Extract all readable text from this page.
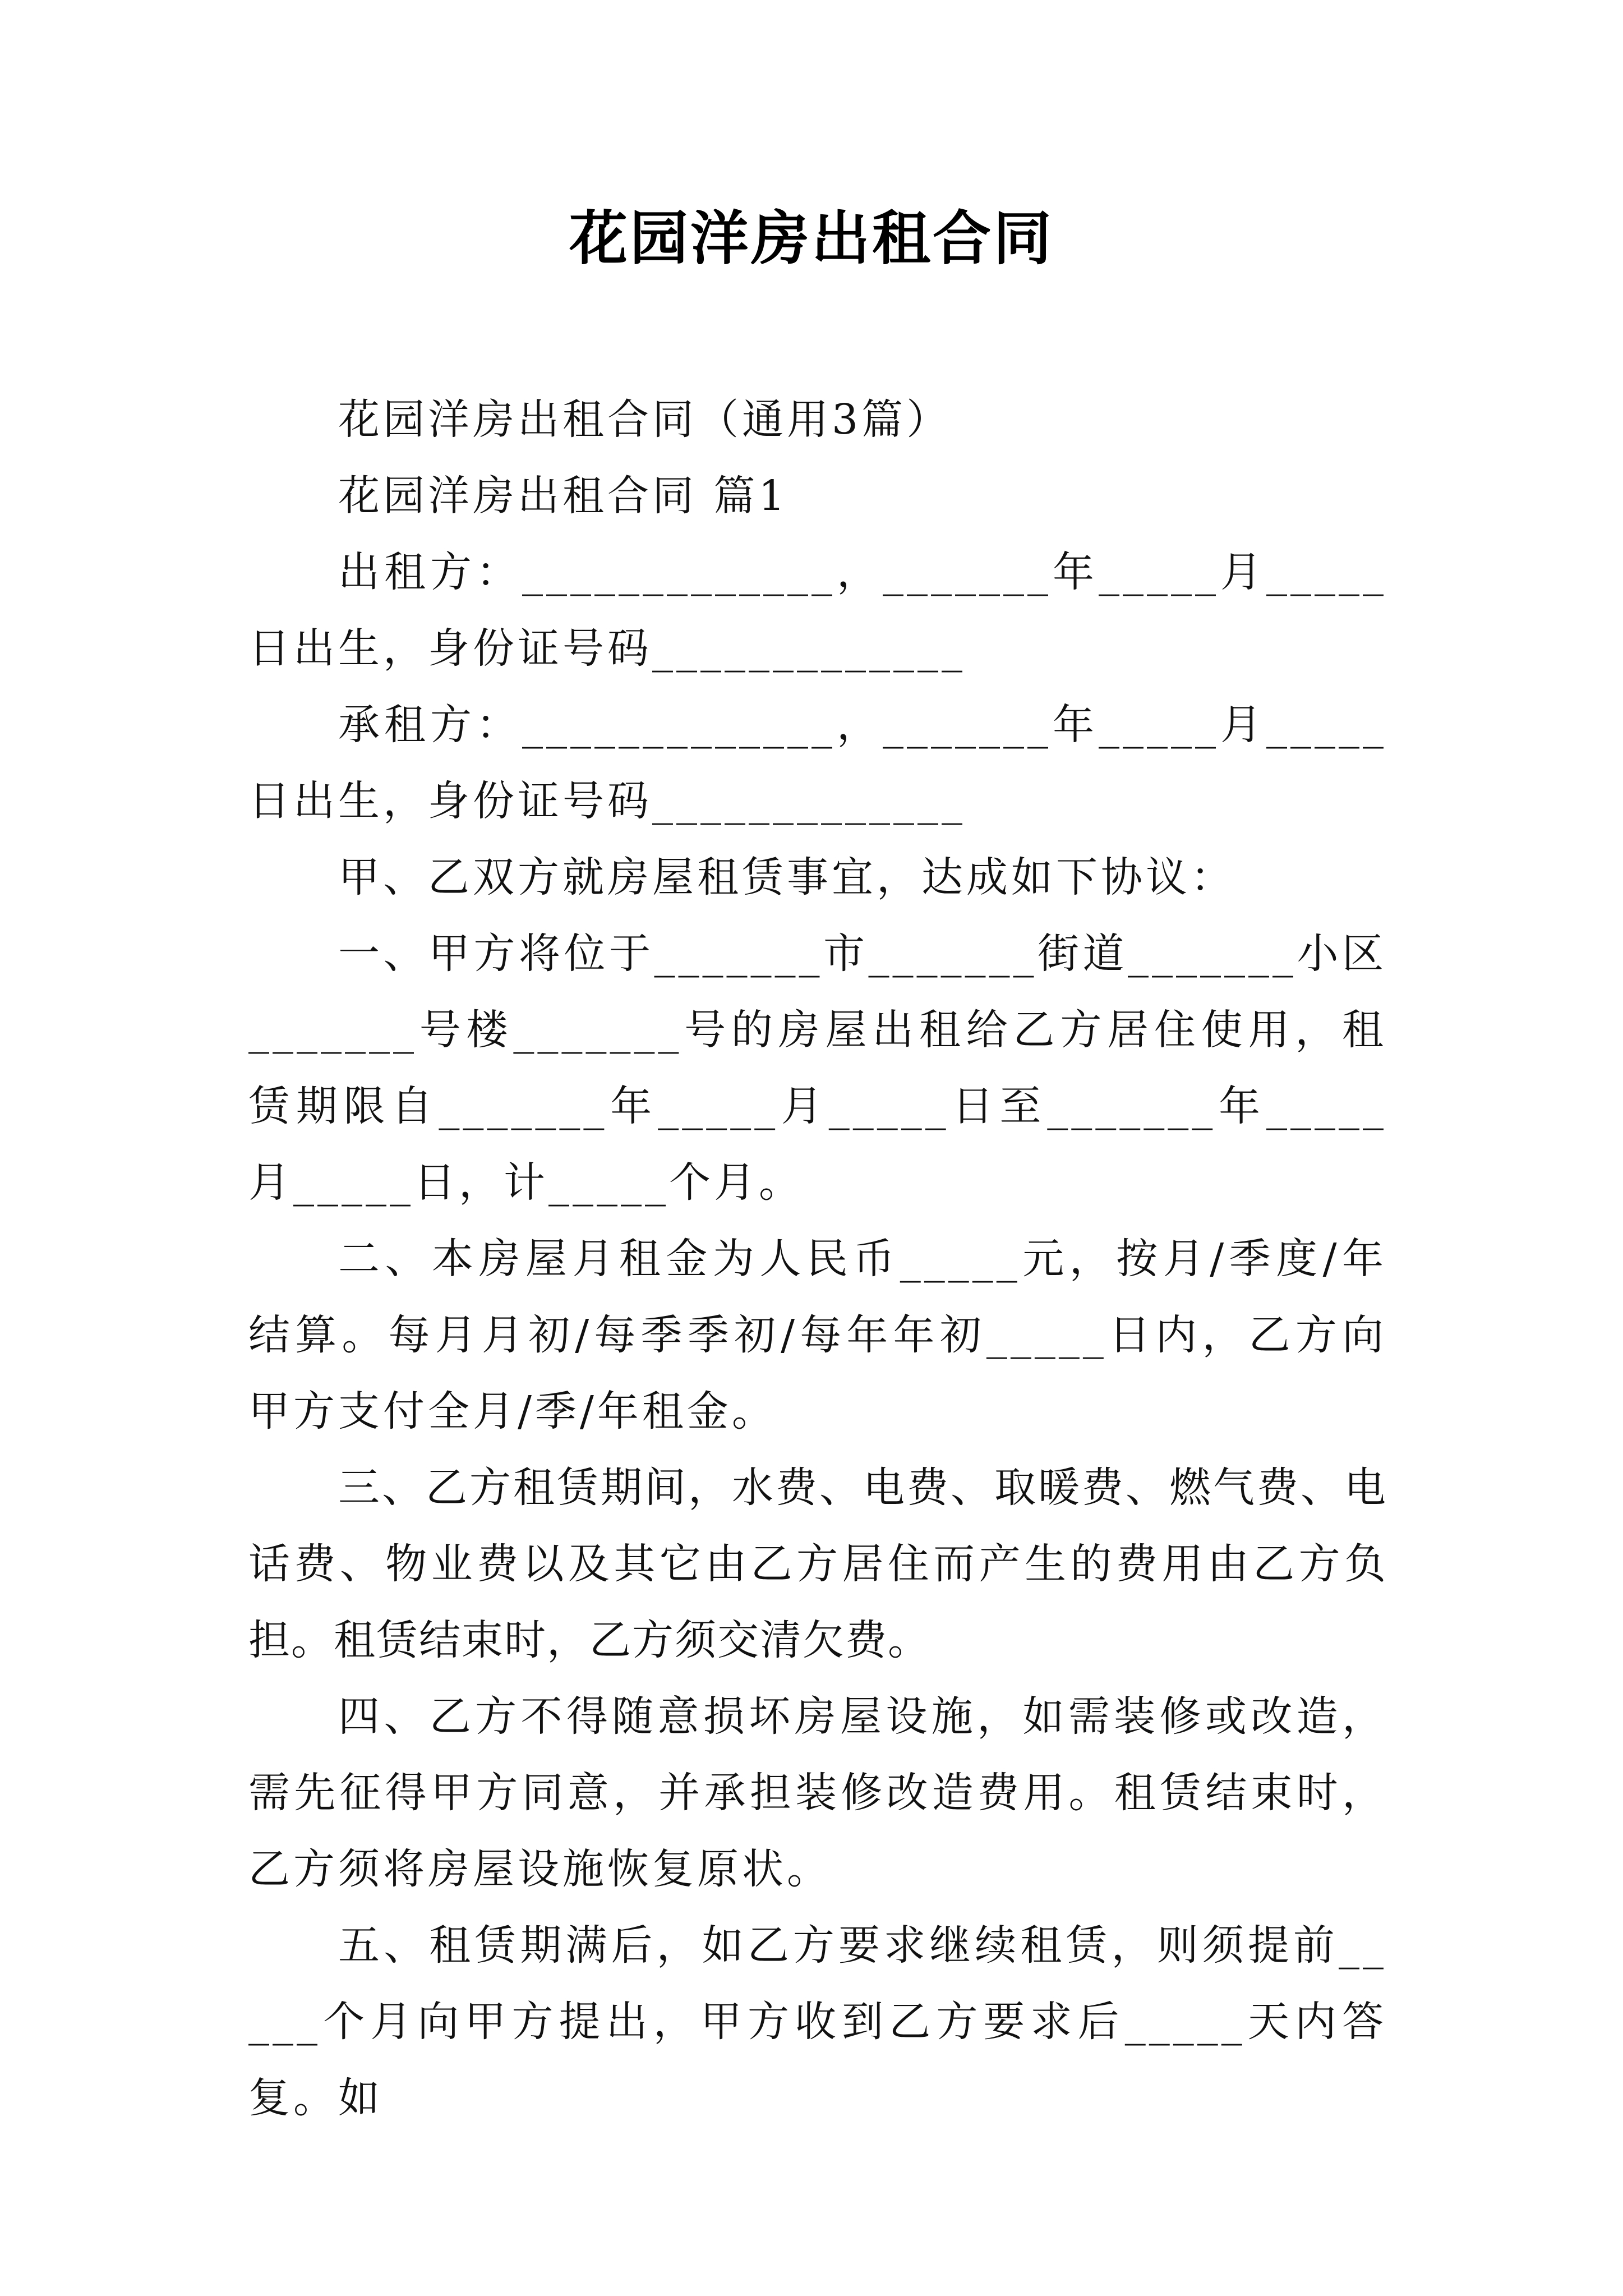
花园洋房出租合同

花园洋房出租合同（通用3篇）

花园洋房出租合同 篇1

出租方：_____________，_______年_____月_____日出生，身份证号码_____________

承租方：_____________，_______年_____月_____日出生，身份证号码_____________

甲、乙双方就房屋租赁事宜，达成如下协议：

一、甲方将位于_______市_______街道_______小区_______号楼_______号的房屋出租给乙方居住使用，租赁期限自_______年_____月_____日至_______年_____月_____日，计_____个月。

二、本房屋月租金为人民币_____元，按月/季度/年结算。每月月初/每季季初/每年年初_____日内，乙方向甲方支付全月/季/年租金。

三、乙方租赁期间，水费、电费、取暖费、燃气费、电话费、物业费以及其它由乙方居住而产生的费用由乙方负担。租赁结束时，乙方须交清欠费。

四、乙方不得随意损坏房屋设施，如需装修或改造，需先征得甲方同意，并承担装修改造费用。租赁结束时，乙方须将房屋设施恢复原状。

五、租赁期满后，如乙方要求继续租赁，则须提前_____个月向甲方提出，甲方收到乙方要求后_____天内答复。如
